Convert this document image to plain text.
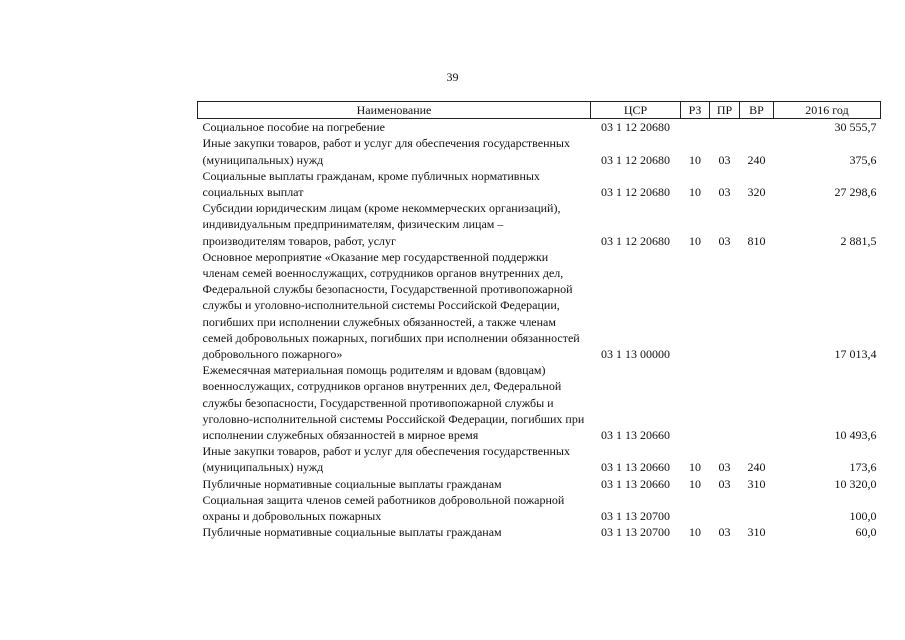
39
Наименование	ЦСР	РЗ	ПР	ВР	2016 год
Социальное пособие на погребение	03 1 12 20680				30 555,7
Иные закупки товаров, работ и услуг для обеспечения государственных (муниципальных) нужд	03 1 12 20680	10	03	240	375,6
Социальные выплаты гражданам, кроме публичных нормативных социальных выплат	03 1 12 20680	10	03	320	27 298,6
Субсидии юридическим лицам (кроме некоммерческих организаций), индивидуальным предпринимателям, физическим лицам – производителям товаров, работ, услуг	03 1 12 20680	10	03	810	2 881,5
Основное мероприятие «Оказание мер государственной поддержки членам семей военнослужащих, сотрудников органов внутренних дел, Федеральной службы безопасности, Государственной противопожарной службы и уголовно-исполнительной системы Российской Федерации, погибших при исполнении служебных обязанностей, а также членам семей добровольных пожарных, погибших при исполнении обязанностей добровольного пожарного»	03 1 13 00000				17 013,4
Ежемесячная материальная помощь родителям и вдовам (вдовцам) военнослужащих, сотрудников органов внутренних дел, Федеральной службы безопасности, Государственной противопожарной службы и уголовно-исполнительной системы Российской Федерации, погибших при исполнении служебных обязанностей в мирное время	03 1 13 20660				10 493,6
Иные закупки товаров, работ и услуг для обеспечения государственных (муниципальных) нужд	03 1 13 20660	10	03	240	173,6
Публичные нормативные социальные выплаты гражданам	03 1 13 20660	10	03	310	10 320,0
Социальная защита членов семей работников добровольной пожарной охраны и добровольных пожарных	03 1 13 20700				100,0
Публичные нормативные социальные выплаты гражданам	03 1 13 20700	10	03	310	60,0
